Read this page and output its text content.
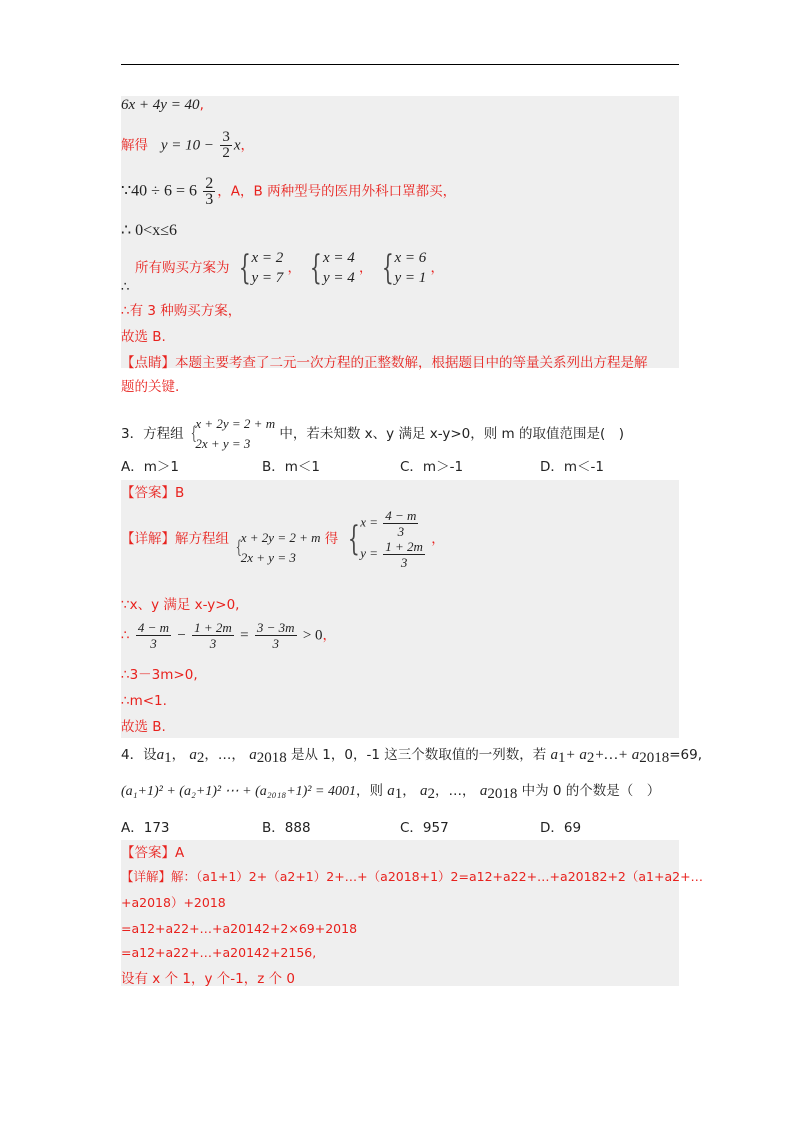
6x + 4y = 40,
解得 $y = 10 - \frac{3}{2}$ x，
∵40 ÷ $6 = 6 \frac{2}{3}$ ，A，B 两种型号的医用外科口罩都买，
∴ 0<x≤6
所有购买方案为 { x = 2
y = 7
， { x = 4
y = 4
， { x = 6
y = 1
，
∴
∴有 3 种购买方案，
故选 B.
【点睛】本题主要考查了二元一次方程的正整数解，根据题目中的等量关系列出方程是解
题的关键.
3．方程组 {
x + 2y = 2 + m
2x + y = 3
中，若未知数 x、y 满足 x-y>0，则 m 的取值范围是(　)
A．m＞1	B．m＜1	C．m＞-1	D．m＜-1
【答案】B
【详解】解方程组 {
x + 2y = 2 + m
2x + y = 3
得 { $x = \frac{4 - m}{3}$
$y = \frac{1 + 2m}{3}$ ，
∵x、y 满足 x-y>0,
∴ $\frac{4 - m}{3} - \frac{1 + 2m}{3} = \frac{3 - 3m}{3} > 0$，
∴3－3m>0,
∴m<1.
故选 B.
4．设$a_1$， $a_2$，…， $a_{2018}$ 是从 1，0，-1 这三个数取值的一列数，若 $a_1+$ $a_2+\dots+ a_{2018}=69$,
(a₁+1)² + (a₂+1)² ⋯ + (a₂₀₁₈+1)² = 4001，则 $a_1$， $a_2$，…， $a_{2018}$ 中为 0 的个数是（　）
A．173	B．888	C．957	D．69
【答案】A
【详解】解：（a1+1）2+（a2+1）2+…+（a2018+1）2=a12+a22+…+a20182+2（a1+a2+…
+a2018）+2018
=a12+a22+…+a20142+2×69+2018
=a12+a22+…+a20142+2156,
设有 x 个 1，y 个-1，z 个 0
